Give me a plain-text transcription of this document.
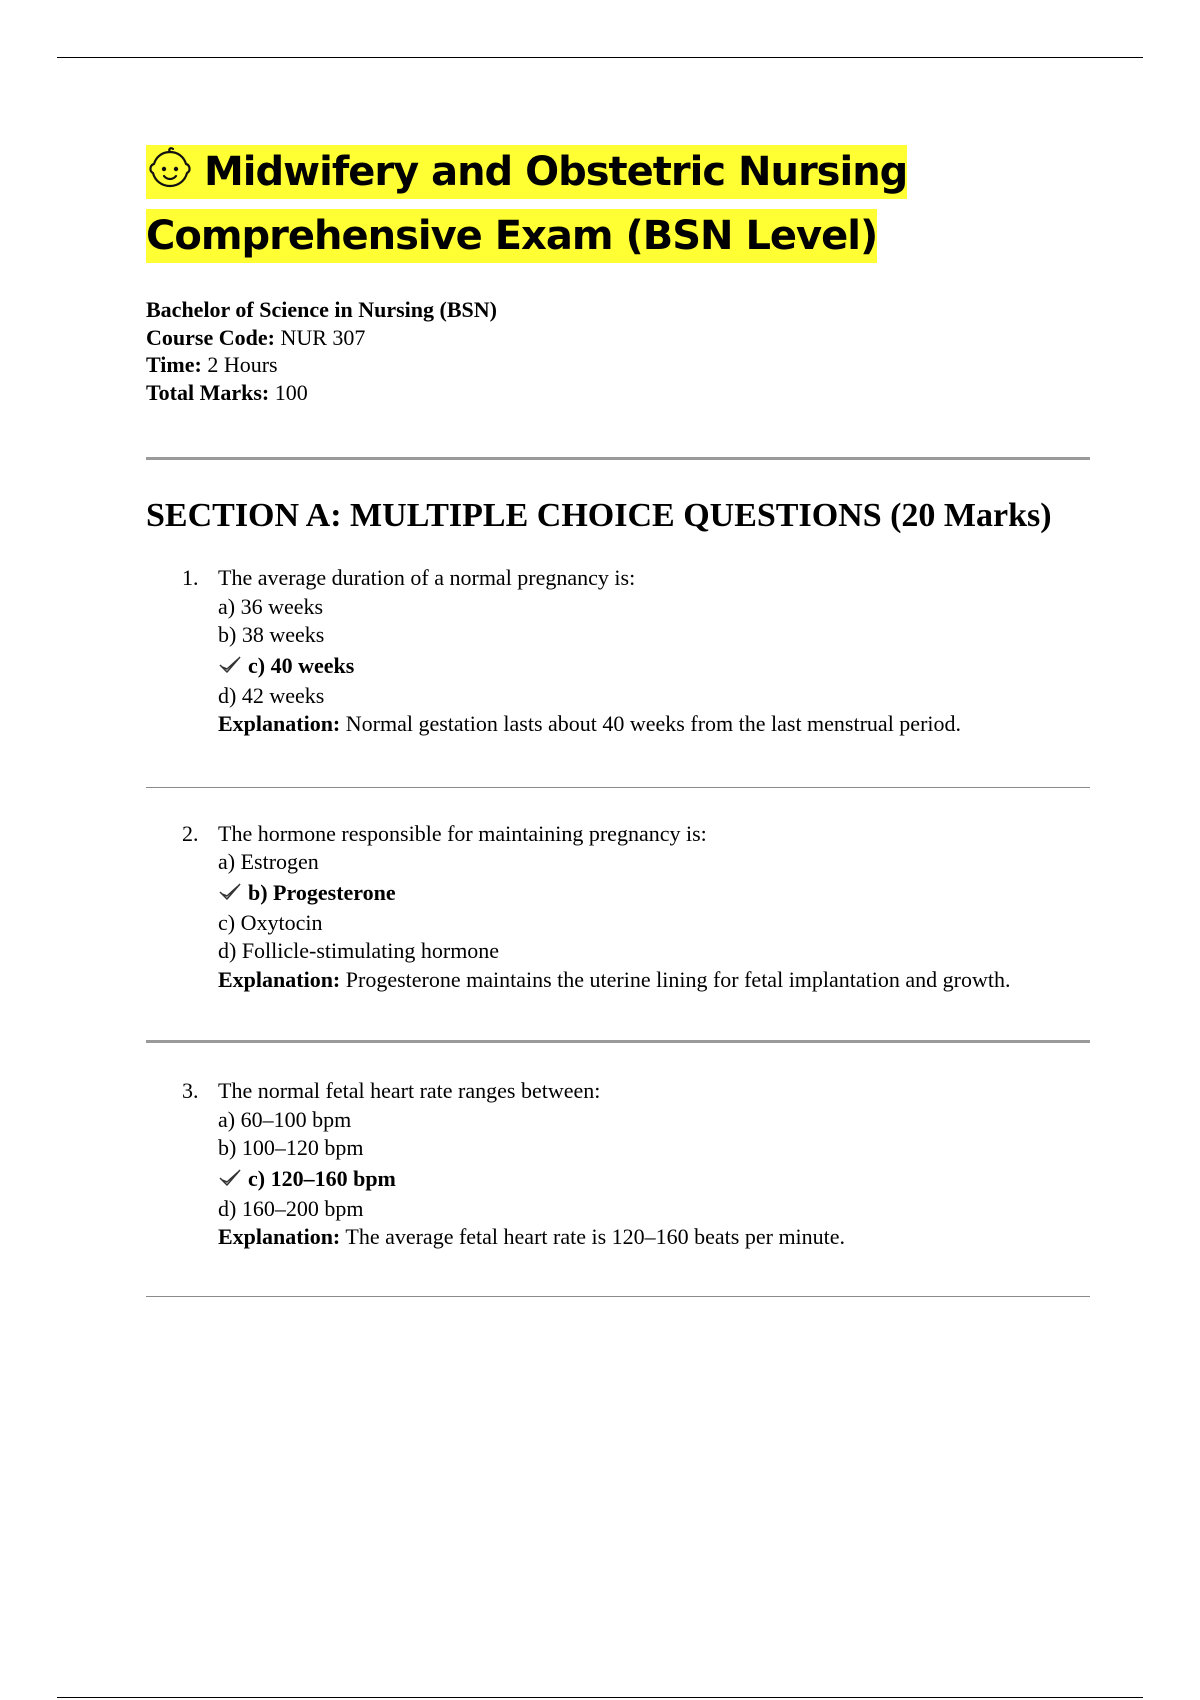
Midwifery and Obstetric Nursing
Comprehensive Exam (BSN Level)
Bachelor of Science in Nursing (BSN)
Course Code: NUR 307
Time: 2 Hours
Total Marks: 100
SECTION A: MULTIPLE CHOICE QUESTIONS (20 Marks)
1. The average duration of a normal pregnancy is:
a) 36 weeks
b) 38 weeks
c) 40 weeks
d) 42 weeks
Explanation: Normal gestation lasts about 40 weeks from the last menstrual period.
2. The hormone responsible for maintaining pregnancy is:
a) Estrogen
b) Progesterone
c) Oxytocin
d) Follicle-stimulating hormone
Explanation: Progesterone maintains the uterine lining for fetal implantation and growth.
3. The normal fetal heart rate ranges between:
a) 60–100 bpm
b) 100–120 bpm
c) 120–160 bpm
d) 160–200 bpm
Explanation: The average fetal heart rate is 120–160 beats per minute.
